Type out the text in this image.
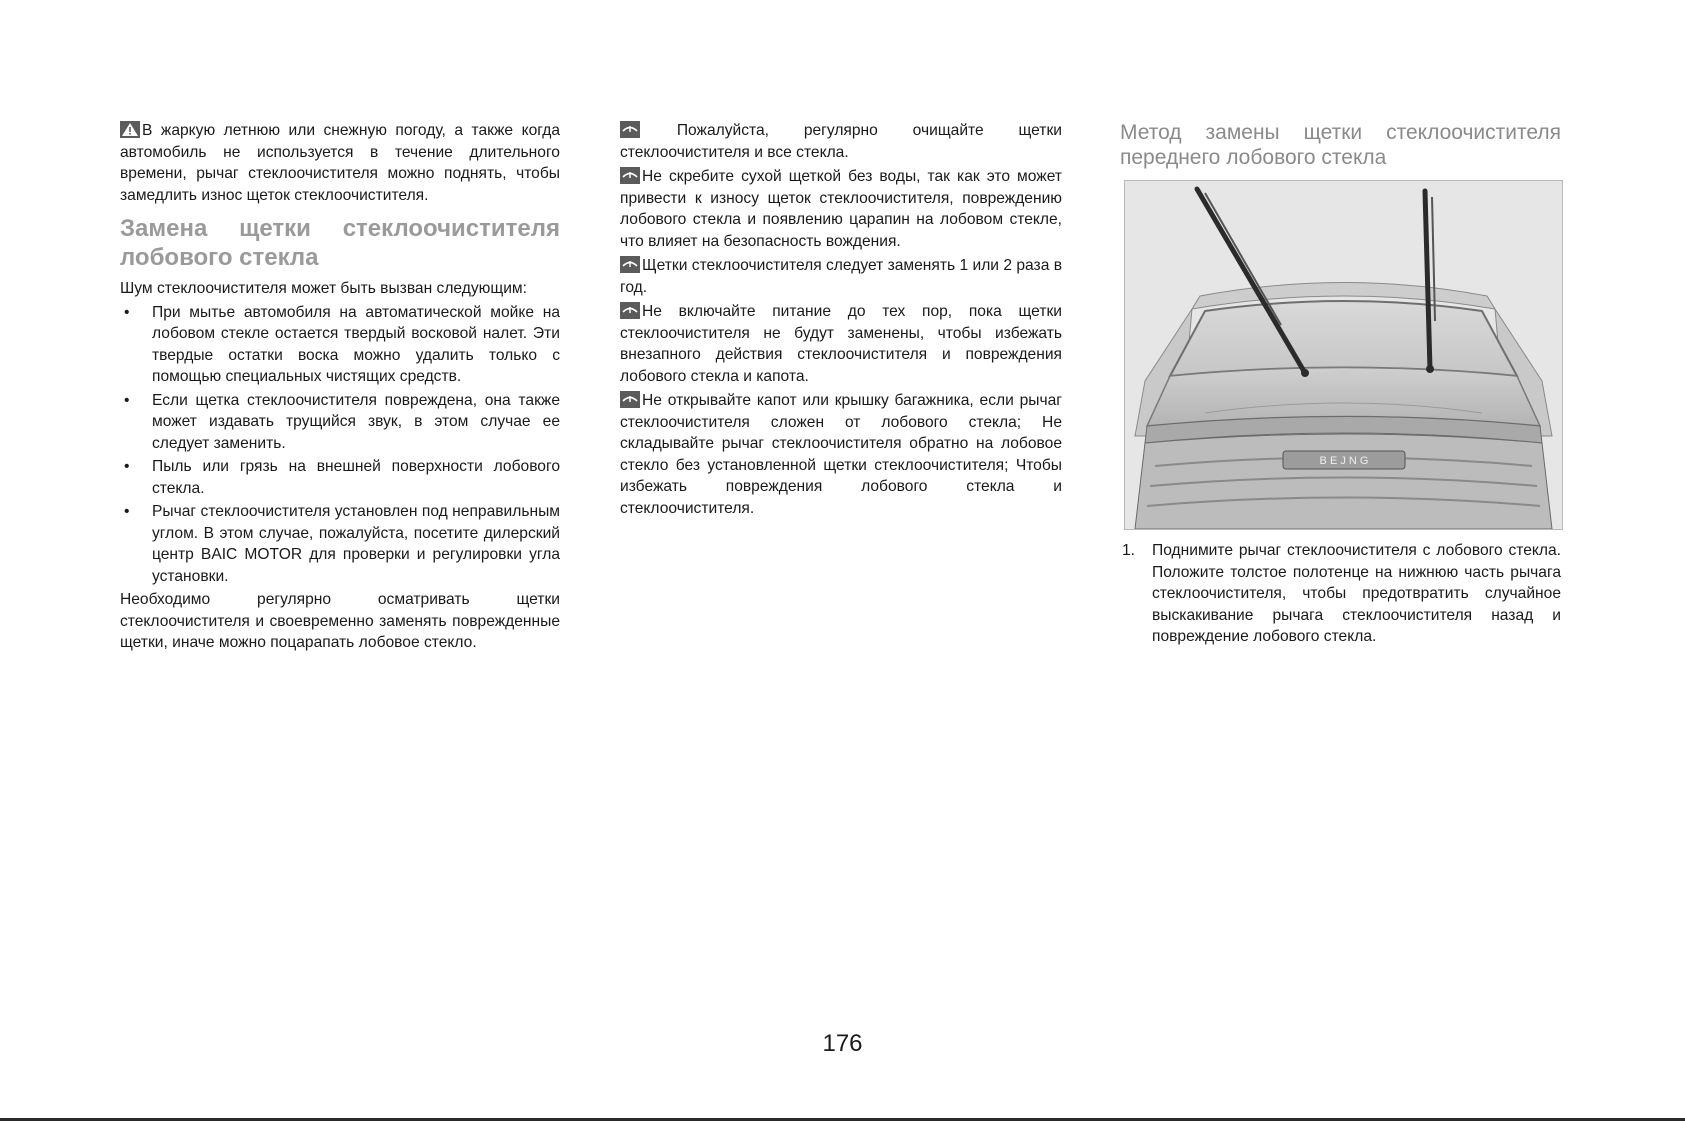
В жаркую летнюю или снежную погоду, а также когда автомобиль не используется в течение длительного времени, рычаг стеклоочистителя можно поднять, чтобы замедлить износ щеток стеклоочистителя.

Замена щетки стеклоочистителя лобового стекла

Шум стеклоочистителя может быть вызван следующим:

• При мытье автомобиля на автоматической мойке на лобовом стекле остается твердый восковой налет. Эти твердые остатки воска можно удалить только с помощью специальных чистящих средств.
• Если щетка стеклоочистителя повреждена, она также может издавать трущийся звук, в этом случае ее следует заменить.
• Пыль или грязь на внешней поверхности лобового стекла.
• Рычаг стеклоочистителя установлен под неправильным углом. В этом случае, пожалуйста, посетите дилерский центр BAIC MOTOR для проверки и регулировки угла установки.

Необходимо регулярно осматривать щетки стеклоочистителя и своевременно заменять поврежденные щетки, иначе можно поцарапать лобовое стекло.

Пожалуйста, регулярно очищайте щетки стеклоочистителя и все стекла.

Не скребите сухой щеткой без воды, так как это может привести к износу щеток стеклоочистителя, повреждению лобового стекла и появлению царапин на лобовом стекле, что влияет на безопасность вождения.

Щетки стеклоочистителя следует заменять 1 или 2 раза в год.

Не включайте питание до тех пор, пока щетки стеклоочистителя не будут заменены, чтобы избежать внезапного действия стеклоочистителя и повреждения лобового стекла и капота.

Не открывайте капот или крышку багажника, если рычаг стеклоочистителя сложен от лобового стекла; Не складывайте рычаг стеклоочистителя обратно на лобовое стекло без установленной щетки стеклоочистителя; Чтобы избежать повреждения лобового стекла и стеклоочистителя.

Метод замены щетки стеклоочистителя переднего лобового стекла
B E J N G
1. Поднимите рычаг стеклоочистителя с лобового стекла. Положите толстое полотенце на нижнюю часть рычага стеклоочистителя, чтобы предотвратить случайное выскакивание рычага стеклоочистителя назад и повреждение лобового стекла.
176
